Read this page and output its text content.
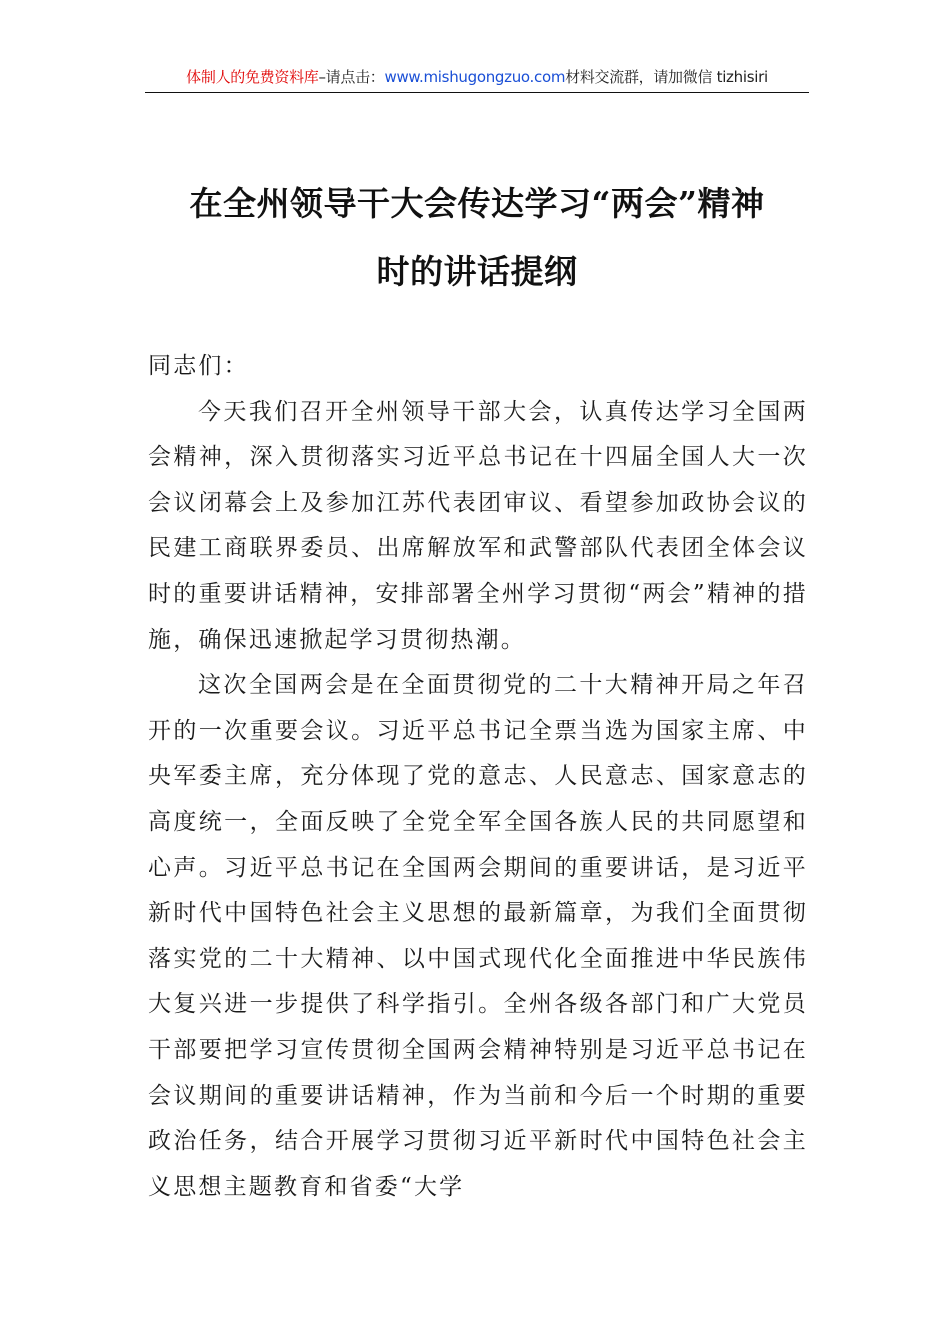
体制人的免费资料库–请点击：www.mishugongzuo.com材料交流群，请加微信 tizhisiri
在全州领导干大会传达学习“两会”精神
时的讲话提纲

同志们：

今天我们召开全州领导干部大会，认真传达学习全国两会精神，深入贯彻落实习近平总书记在十四届全国人大一次会议闭幕会上及参加江苏代表团审议、看望参加政协会议的民建工商联界委员、出席解放军和武警部队代表团全体会议时的重要讲话精神，安排部署全州学习贯彻“两会”精神的措施，确保迅速掀起学习贯彻热潮。

这次全国两会是在全面贯彻党的二十大精神开局之年召开的一次重要会议。习近平总书记全票当选为国家主席、中央军委主席，充分体现了党的意志、人民意志、国家意志的高度统一，全面反映了全党全军全国各族人民的共同愿望和心声。习近平总书记在全国两会期间的重要讲话，是习近平新时代中国特色社会主义思想的最新篇章，为我们全面贯彻落实党的二十大精神、以中国式现代化全面推进中华民族伟大复兴进一步提供了科学指引。全州各级各部门和广大党员干部要把学习宣传贯彻全国两会精神特别是习近平总书记在会议期间的重要讲话精神，作为当前和今后一个时期的重要政治任务，结合开展学习贯彻习近平新时代中国特色社会主义思想主题教育和省委“大学
